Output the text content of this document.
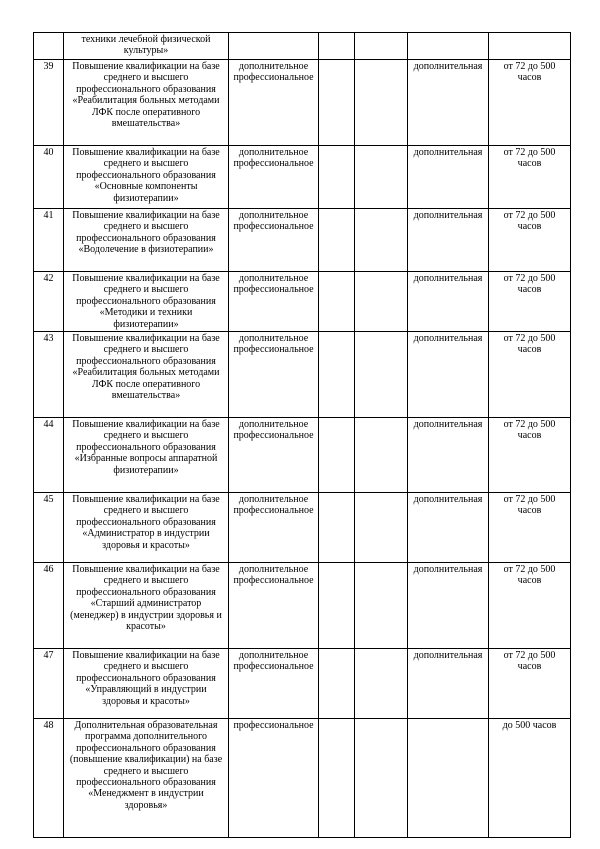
	техники лечебной физической культуры»					
39	Повышение квалификации на базе среднего и высшего профессионального образования «Реабилитация больных методами ЛФК после оперативного вмешательства»	дополнительное профессиональное			дополнительная	от 72 до 500 часов
40	Повышение квалификации на базе среднего и высшего профессионального образования «Основные компоненты физиотерапии»	дополнительное профессиональное			дополнительная	от 72 до 500 часов
41	Повышение квалификации на базе среднего и высшего профессионального образования «Водолечение в физиотерапии»	дополнительное профессиональное			дополнительная	от 72 до 500 часов
42	Повышение квалификации на базе среднего и высшего профессионального образования «Методики и техники физиотерапии»	дополнительное профессиональное			дополнительная	от 72 до 500 часов
43	Повышение квалификации на базе среднего и высшего профессионального образования «Реабилитация больных методами ЛФК после оперативного вмешательства»	дополнительное профессиональное			дополнительная	от 72 до 500 часов
44	Повышение квалификации на базе среднего и высшего профессионального образования «Избранные вопросы аппаратной физиотерапии»	дополнительное профессиональное			дополнительная	от 72 до 500 часов
45	Повышение квалификации на базе среднего и высшего профессионального образования «Администратор в индустрии здоровья и красоты»	дополнительное профессиональное			дополнительная	от 72 до 500 часов
46	Повышение квалификации на базе среднего и высшего профессионального образования «Старший администратор (менеджер) в индустрии здоровья и красоты»	дополнительное профессиональное			дополнительная	от 72 до 500 часов
47	Повышение квалификации на базе среднего и высшего профессионального образования «Управляющий в индустрии здоровья и красоты»	дополнительное профессиональное			дополнительная	от 72 до 500 часов
48	Дополнительная образовательная программа дополнительного профессионального образования (повышение квалификации) на базе среднего и высшего профессионального образования «Менеджмент в индустрии здоровья»	профессиональное				до 500 часов
